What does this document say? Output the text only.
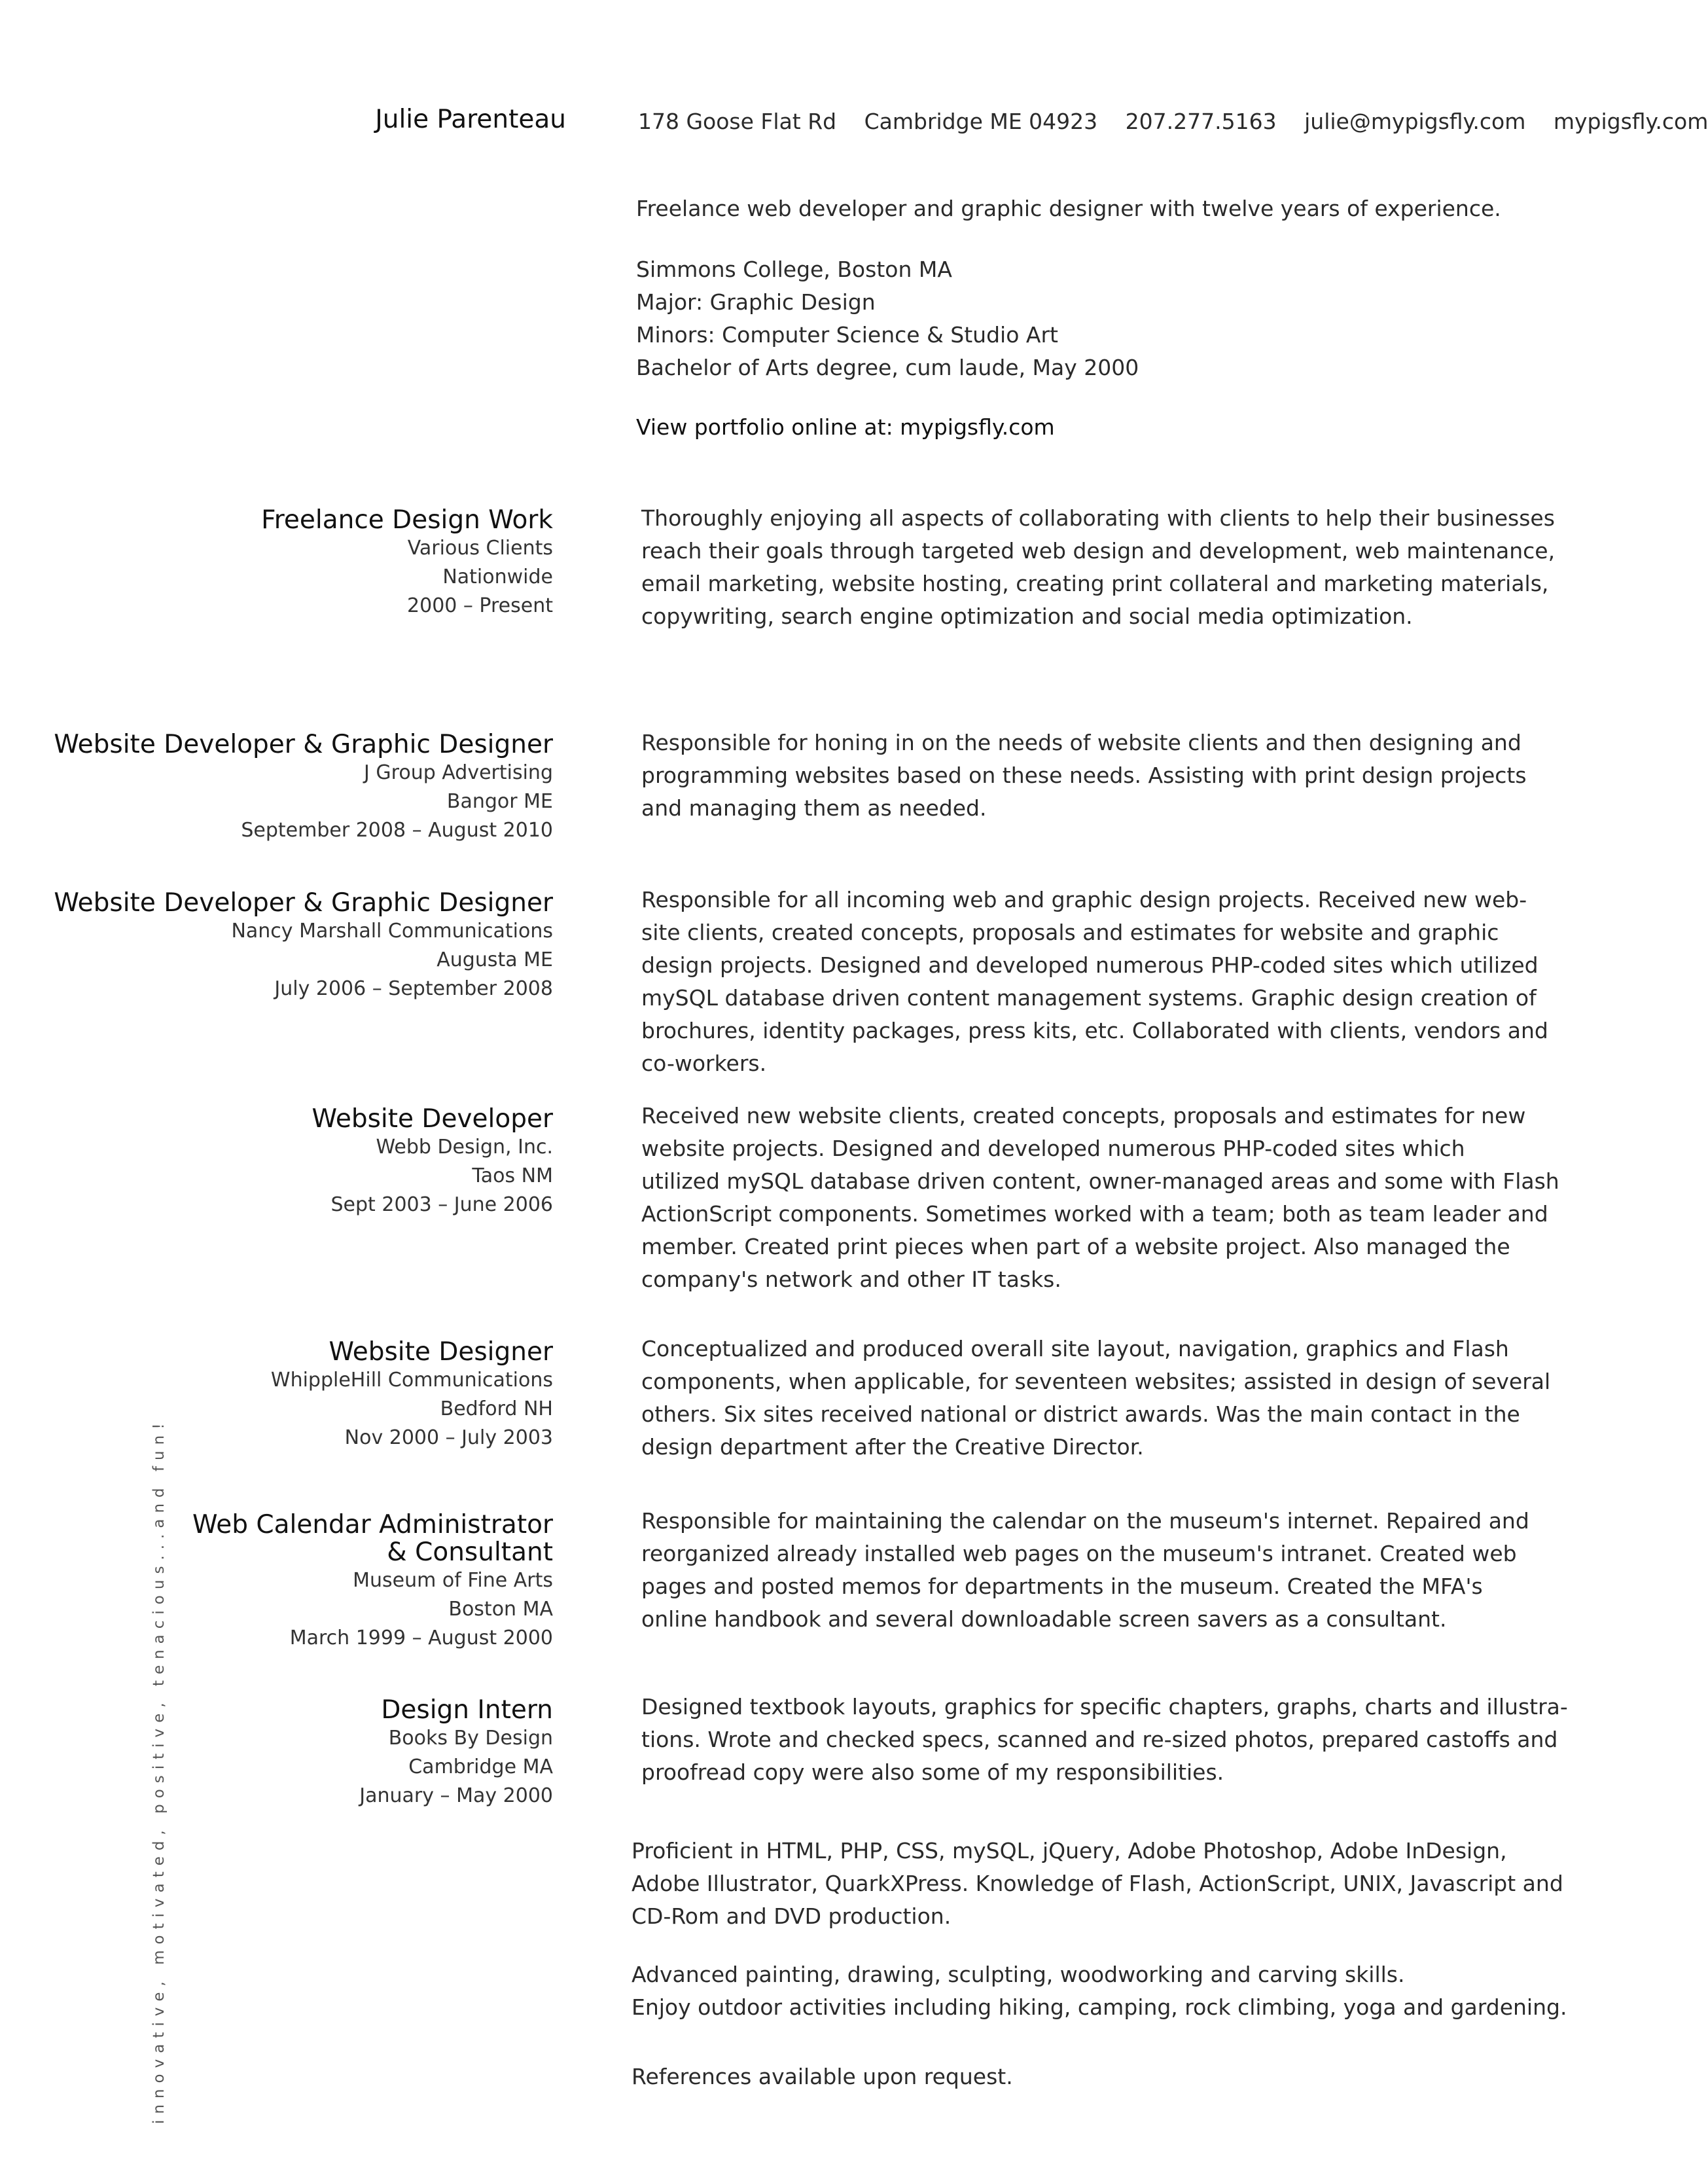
Julie Parenteau	178 Goose Flat Rd Cambridge ME 04923 207.277.5163 julie@mypigsfly.com mypigsfly.com
Freelance web developer and graphic designer with twelve years of experience.
Simmons College, Boston MA
Major: Graphic Design
Minors: Computer Science & Studio Art
Bachelor of Arts degree, cum laude, May 2000
View portfolio online at: mypigsfly.com
Freelance Design Work
Various Clients
Nationwide
2000 – Present
Thoroughly enjoying all aspects of collaborating with clients to help their businesses
reach their goals through targeted web design and development, web maintenance,
email marketing, website hosting, creating print collateral and marketing materials,
copywriting, search engine optimization and social media optimization.
Website Developer & Graphic Designer
J Group Advertising
Bangor ME
September 2008 – August 2010
Responsible for honing in on the needs of website clients and then designing and
programming websites based on these needs. Assisting with print design projects
and managing them as needed.
Website Developer & Graphic Designer
Nancy Marshall Communications
Augusta ME
July 2006 – September 2008
Responsible for all incoming web and graphic design projects. Received new web-
site clients, created concepts, proposals and estimates for website and graphic
design projects. Designed and developed numerous PHP-coded sites which utilized
mySQL database driven content management systems. Graphic design creation of
brochures, identity packages, press kits, etc. Collaborated with clients, vendors and
co-workers.
Website Developer
Webb Design, Inc.
Taos NM
Sept 2003 – June 2006
Received new website clients, created concepts, proposals and estimates for new
website projects. Designed and developed numerous PHP-coded sites which
utilized mySQL database driven content, owner-managed areas and some with Flash
ActionScript components. Sometimes worked with a team; both as team leader and
member. Created print pieces when part of a website project. Also managed the
company's network and other IT tasks.
Website Designer
WhippleHill Communications
Bedford NH
Nov 2000 – July 2003
Conceptualized and produced overall site layout, navigation, graphics and Flash
components, when applicable, for seventeen websites; assisted in design of several
others. Six sites received national or district awards. Was the main contact in the
design department after the Creative Director.
Web Calendar Administrator
& Consultant
Museum of Fine Arts
Boston MA
March 1999 – August 2000
Responsible for maintaining the calendar on the museum's internet. Repaired and
reorganized already installed web pages on the museum's intranet. Created web
pages and posted memos for departments in the museum. Created the MFA's
online handbook and several downloadable screen savers as a consultant.
Design Intern
Books By Design
Cambridge MA
January – May 2000
Designed textbook layouts, graphics for specific chapters, graphs, charts and illustra-
tions. Wrote and checked specs, scanned and re-sized photos, prepared castoffs and
proofread copy were also some of my responsibilities.
Proficient in HTML, PHP, CSS, mySQL, jQuery, Adobe Photoshop, Adobe InDesign,
Adobe Illustrator, QuarkXPress. Knowledge of Flash, ActionScript, UNIX, Javascript and
CD-Rom and DVD production.
Advanced painting, drawing, sculpting, woodworking and carving skills.
Enjoy outdoor activities including hiking, camping, rock climbing, yoga and gardening.
References available upon request.
innovative, motivated, positive, tenacious...and fun!
